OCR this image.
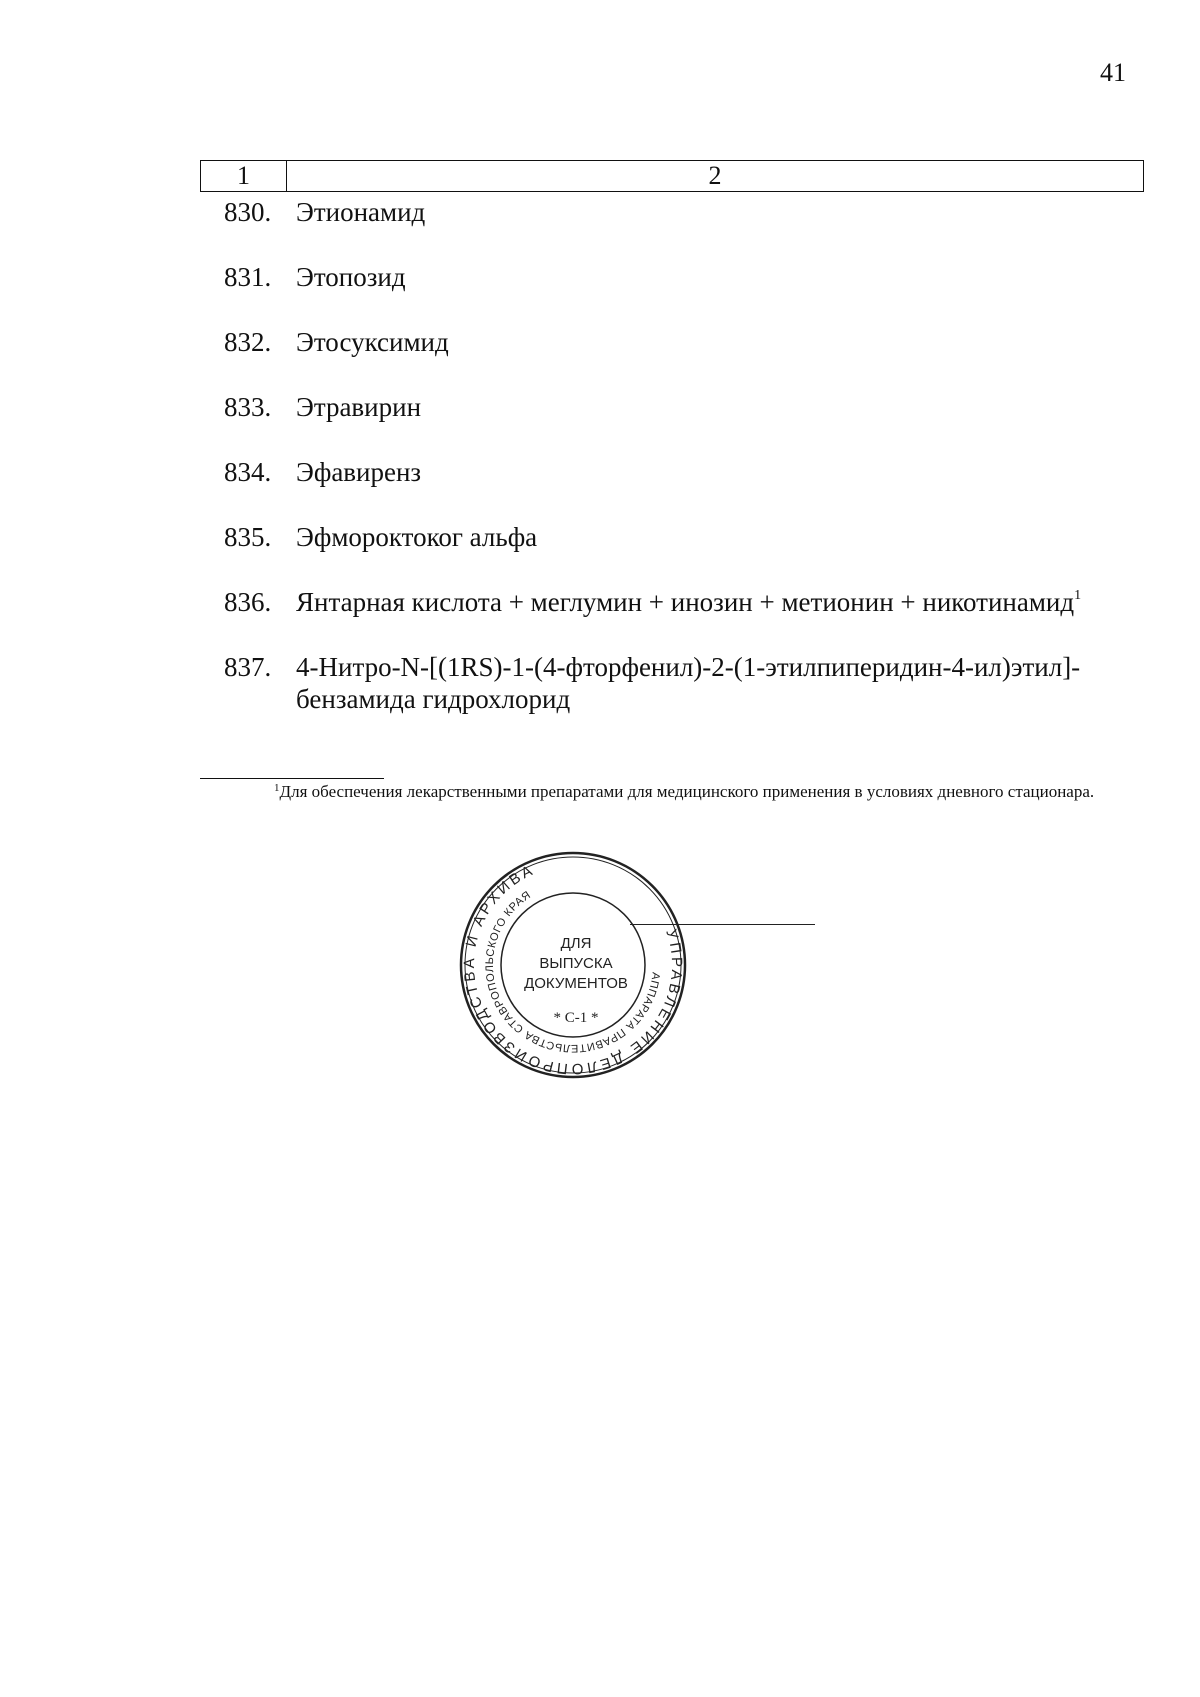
41
1	2
830. Этионамид
831. Этопозид
832. Этосуксимид
833. Этравирин
834. Эфавиренз
835. Эфмороктоког альфа
836. Янтарная кислота + меглумин + инозин + метионин + никотинамид$^1$
837. 4-Нитро-N-[(1RS)-1-(4-фторфенил)-2-(1-этилпиперидин-4-ил)этил]-
бензамида гидрохлорид
$^1$Для обеспечения лекарственными препаратами для медицинского применения в условиях дневного стационара.
УПРАВЛЕНИЕ ДЕЛОПРОИЗВОДСТВА И АРХИВА
АППАРАТА ПРАВИТЕЛЬСТВА СТАВРОПОЛЬСКОГО КРАЯ
ДЛЯ
ВЫПУСКА
ДОКУМЕНТОВ
* С-1 *
